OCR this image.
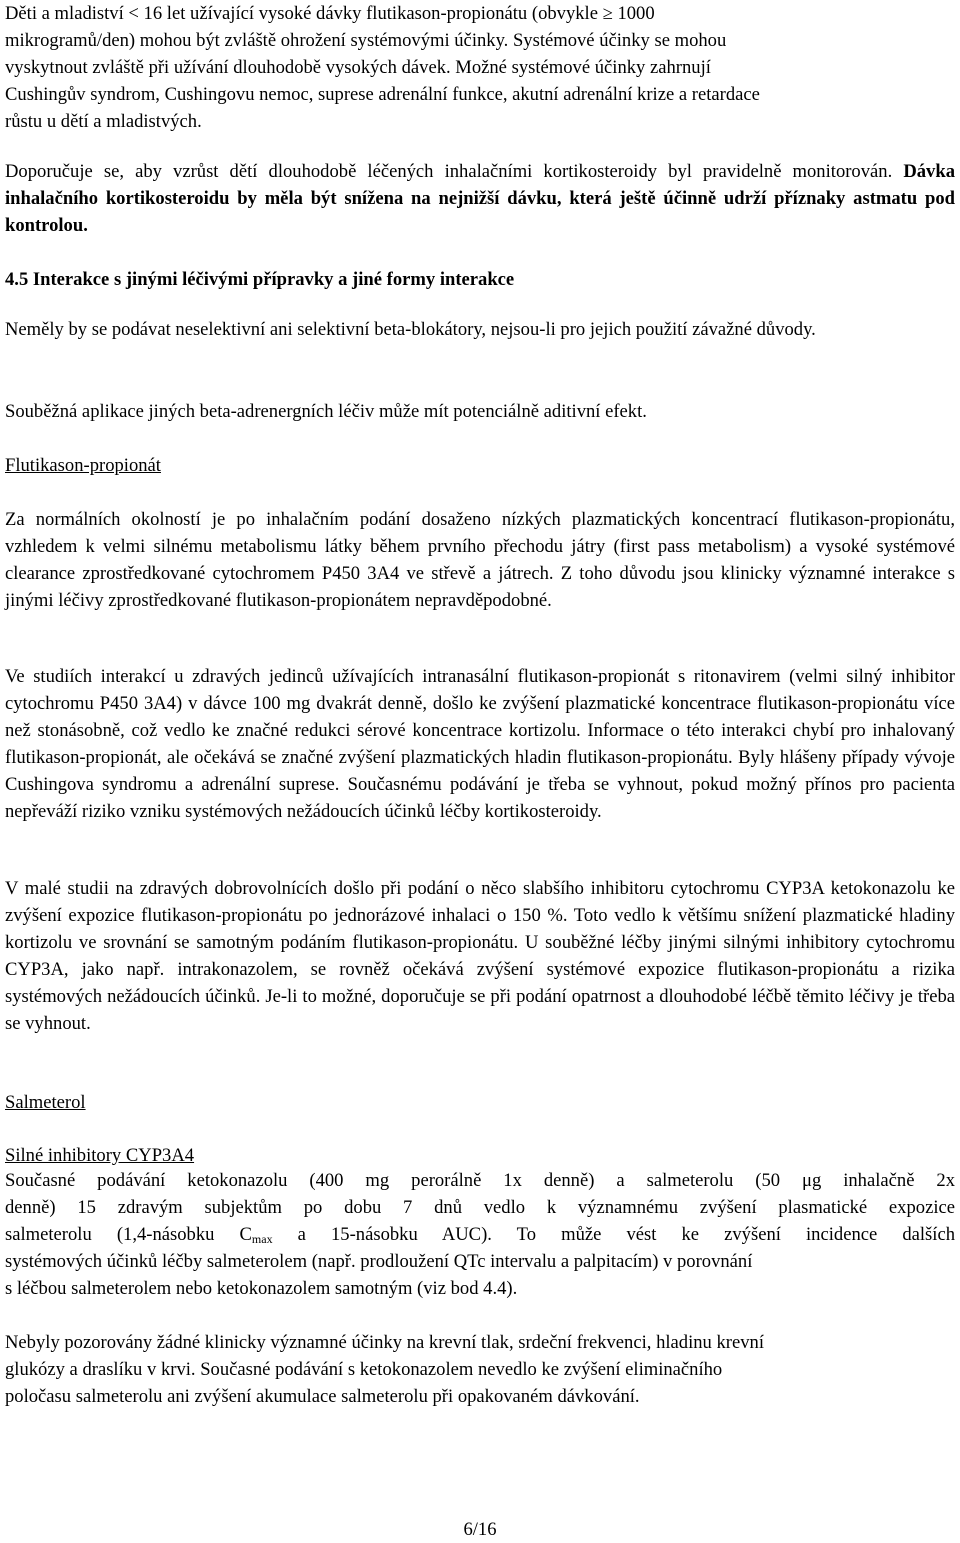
Děti a mladiství < 16 let užívající vysoké dávky flutikason-propionátu (obvykle ≥ 1000

mikrogramů/den) mohou být zvláště ohrožení systémovými účinky. Systémové účinky se mohou

vyskytnout zvláště při užívání dlouhodobě vysokých dávek. Možné systémové účinky zahrnují

Cushingův syndrom, Cushingovu nemoc, suprese adrenální funkce, akutní adrenální krize a retardace

růstu u dětí a mladistvých.

Doporučuje se, aby vzrůst dětí dlouhodobě léčených inhalačními kortikosteroidy byl pravidelně monitorován. Dávka inhalačního kortikosteroidu by měla být snížena na nejnižší dávku, která ještě účinně udrží příznaky astmatu pod kontrolou.

4.5 Interakce s jinými léčivými přípravky a jiné formy interakce

Neměly by se podávat neselektivní ani selektivní beta-blokátory, nejsou-li pro jejich použití závažné důvody.

Souběžná aplikace jiných beta-adrenergních léčiv může mít potenciálně aditivní efekt.

Flutikason-propionát

Za normálních okolností je po inhalačním podání dosaženo nízkých plazmatických koncentrací flutikason-propionátu, vzhledem k velmi silnému metabolismu látky během prvního přechodu játry (first pass metabolism) a vysoké systémové clearance zprostředkované cytochromem P450 3A4 ve střevě a játrech. Z toho důvodu jsou klinicky významné interakce s jinými léčivy zprostředkované flutikason-propionátem nepravděpodobné.

Ve studiích interakcí u zdravých jedinců užívajících intranasální flutikason-propionát s ritonavirem (velmi silný inhibitor cytochromu P450 3A4) v dávce 100 mg dvakrát denně, došlo ke zvýšení plazmatické koncentrace flutikason-propionátu více než stonásobně, což vedlo ke značné redukci sérové koncentrace kortizolu. Informace o této interakci chybí pro inhalovaný flutikason-propionát, ale očekává se značné zvýšení plazmatických hladin flutikason-propionátu. Byly hlášeny případy vývoje Cushingova syndromu a adrenální suprese. Současnému podávání je třeba se vyhnout, pokud možný přínos pro pacienta nepřeváží riziko vzniku systémových nežádoucích účinků léčby kortikosteroidy.

V malé studii na zdravých dobrovolnících došlo při podání o něco slabšího inhibitoru cytochromu CYP3A ketokonazolu ke zvýšení expozice flutikason-propionátu po jednorázové inhalaci o 150 %. Toto vedlo k většímu snížení plazmatické hladiny kortizolu ve srovnání se samotným podáním flutikason-propionátu. U souběžné léčby jinými silnými inhibitory cytochromu CYP3A, jako např. intrakonazolem, se rovněž očekává zvýšení systémové expozice flutikason-propionátu a rizika systémových nežádoucích účinků. Je-li to možné, doporučuje se při podání opatrnost a dlouhodobé léčbě těmito léčivy je třeba se vyhnout.

Salmeterol
Silné inhibitory CYP3A4

Současné podávání ketokonazolu (400 mg perorálně 1x denně) a salmeterolu (50 μg inhalačně 2x

denně) 15 zdravým subjektům po dobu 7 dnů vedlo k významnému zvýšení plasmatické expozice

salmeterolu (1,4-násobku $C_{max}$ a 15-násobku AUC). To může vést ke zvýšení incidence dalších

systémových účinků léčby salmeterolem (např. prodloužení QTc intervalu a palpitacím) v porovnání

s léčbou salmeterolem nebo ketokonazolem samotným (viz bod 4.4).

Nebyly pozorovány žádné klinicky významné účinky na krevní tlak, srdeční frekvenci, hladinu krevní

glukózy a draslíku v krvi. Současné podávání s ketokonazolem nevedlo ke zvýšení eliminačního

poločasu salmeterolu ani zvýšení akumulace salmeterolu při opakovaném dávkování.

6/16
